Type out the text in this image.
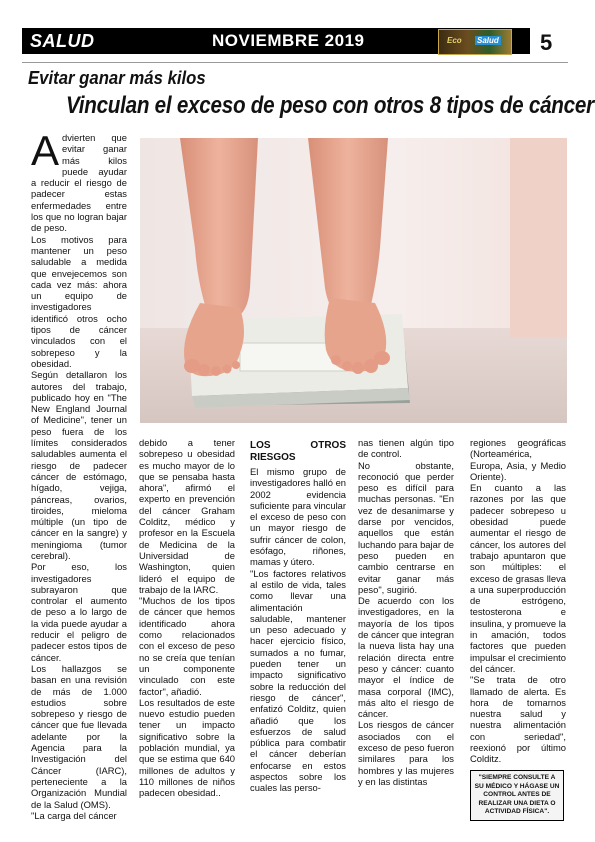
SALUD	NOVIEMBRE 2019	Eco Salud 5
Evitar ganar más kilos
Vinculan el exceso de peso con otros 8 tipos de cáncer

Advierten que evitar ganar más kilos puede ayudar a reducir el riesgo de padecer estas enfermedades entre los que no logran bajar de peso.

Los motivos para mantener un peso saludable a medida que envejecemos son cada vez más: ahora un equipo de investigadores identificó otros ocho tipos de cáncer vinculados con el sobrepeso y la obesidad.

Según detallaron los autores del trabajo, publicado hoy en "The New England Journal of Medicine", tener un peso fuera de los límites considerados saludables aumenta el riesgo de padecer cáncer de estómago, hígado, vejiga, páncreas, ovarios, tiroides, mieloma múltiple (un tipo de cáncer en la sangre) y meningioma (tumor cerebral).

Por eso, los investigadores subrayaron que controlar el aumento de peso a lo largo de la vida puede ayudar a reducir el peligro de padecer estos tipos de cáncer.

Los hallazgos se basan en una revisión de más de 1.000 estudios sobre sobrepeso y riesgo de cáncer que fue llevada adelante por la Agencia para la Investigación del Cáncer (IARC), perteneciente a la Organización Mundial de la Salud (OMS).

"La carga del cáncer

debido a tener sobrepeso u obesidad es mucho mayor de lo que se pensaba hasta ahora", afirmó el experto en prevención del cáncer Graham Colditz, médico y profesor en la Escuela de Medicina de la Universidad de Washington, quien lideró el equipo de trabajo de la IARC.

"Muchos de los tipos de cáncer que hemos identificado ahora como relacionados con el exceso de peso no se creía que tenían un componente vinculado con este factor", añadió.

Los resultados de este nuevo estudio pueden tener un impacto significativo sobre la población mundial, ya que se estima que 640 millones de adultos y 110 millones de niños padecen obesidad..

LOS OTROS RIESGOS

El mismo grupo de investigadores halló en 2002 evidencia suficiente para vincular el exceso de peso con un mayor riesgo de sufrir cáncer de colon, esófago, riñones, mamas y útero.

"Los factores relativos al estilo de vida, tales como llevar una alimentación saludable, mantener un peso adecuado y hacer ejercicio físico, sumados a no fumar, pueden tener un impacto significativo sobre la reducción del riesgo de cáncer", enfatizó Colditz, quien añadió que los esfuerzos de salud pública para combatir el cáncer deberían enfocarse en estos aspectos sobre los cuales las perso-

nas tienen algún tipo de control.

No obstante, reconoció que perder peso es difícil para muchas personas. "En vez de desanimarse y darse por vencidos, aquellos que están luchando para bajar de peso pueden en cambio centrarse en evitar ganar más peso", sugirió.

De acuerdo con los investigadores, en la mayoría de los tipos de cáncer que integran la nueva lista hay una relación directa entre peso y cáncer: cuanto mayor el índice de masa corporal (IMC), más alto el riesgo de cáncer.

Los riesgos de cáncer asociados con el exceso de peso fueron similares para los hombres y las mujeres y en las distintas

regiones geográficas (Norteamérica, Europa, Asia, y Medio Oriente).

En cuanto a las razones por las que padecer sobrepeso u obesidad puede aumentar el riesgo de cáncer, los autores del trabajo apuntaron que son múltiples: el exceso de grasas lleva a una superproducción de estrógeno, testosterona e insulina, y promueve la in amación, todos factores que pueden impulsar el crecimiento del cáncer.

"Se trata de otro llamado de alerta. Es hora de tomarnos nuestra salud y nuestra alimentación con seriedad", reexionó por último Colditz.

"SIEMPRE CONSULTE A SU MÉDICO Y HÁGASE UN CONTROL ANTES DE REALIZAR UNA DIETA O ACTIVIDAD FÍSICA".
